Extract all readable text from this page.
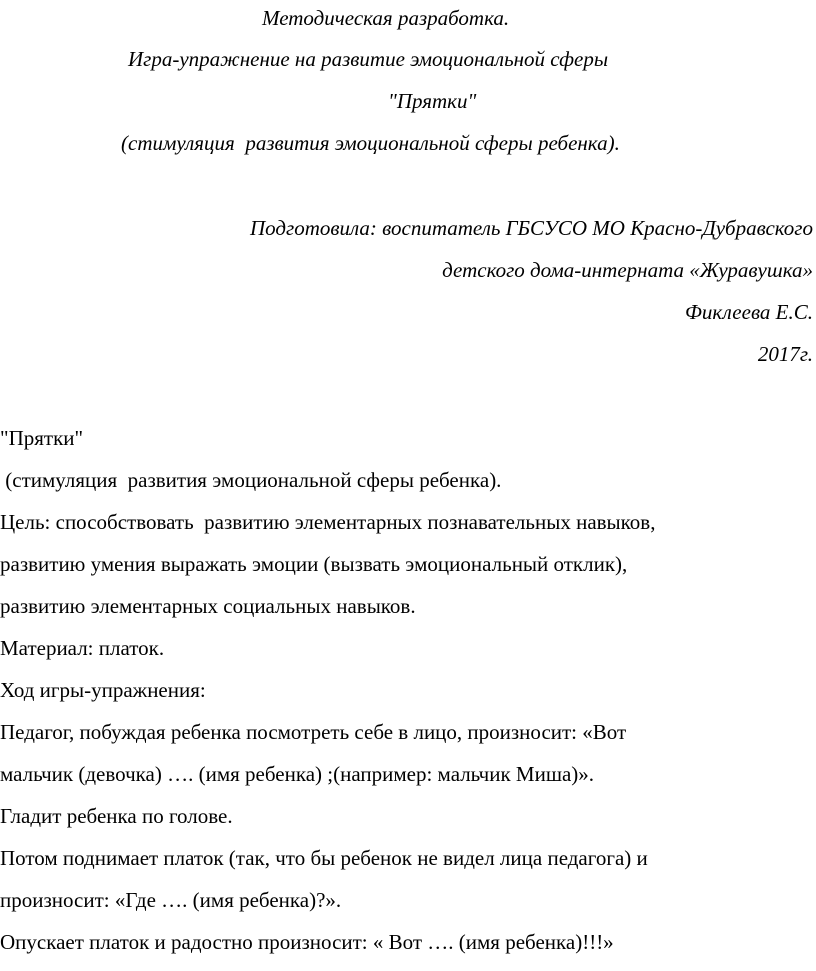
Методическая разработка.
Игра-упражнение на развитие эмоциональной сферы
"Прятки"
(стимуляция  развития эмоциональной сферы ребенка).
Подготовила: воспитатель ГБСУСО МО Красно-Дубравского
детского дома-интерната «Журавушка»
Фиклеева Е.С.
2017г.
"Прятки"
(стимуляция  развития эмоциональной сферы ребенка).
Цель: способствовать  развитию элементарных познавательных навыков,
развитию умения выражать эмоции (вызвать эмоциональный отклик),
развитию элементарных социальных навыков.
Материал: платок.
Ход игры-упражнения:
Педагог, побуждая ребенка посмотреть себе в лицо, произносит: «Вот
мальчик (девочка) …. (имя ребенка) ;(например: мальчик Миша)».
Гладит ребенка по голове.
Потом поднимает платок (так, что бы ребенок не видел лица педагога) и
произносит: «Где …. (имя ребенка)?».
Опускает платок и радостно произносит: « Вот …. (имя ребенка)!!!»
